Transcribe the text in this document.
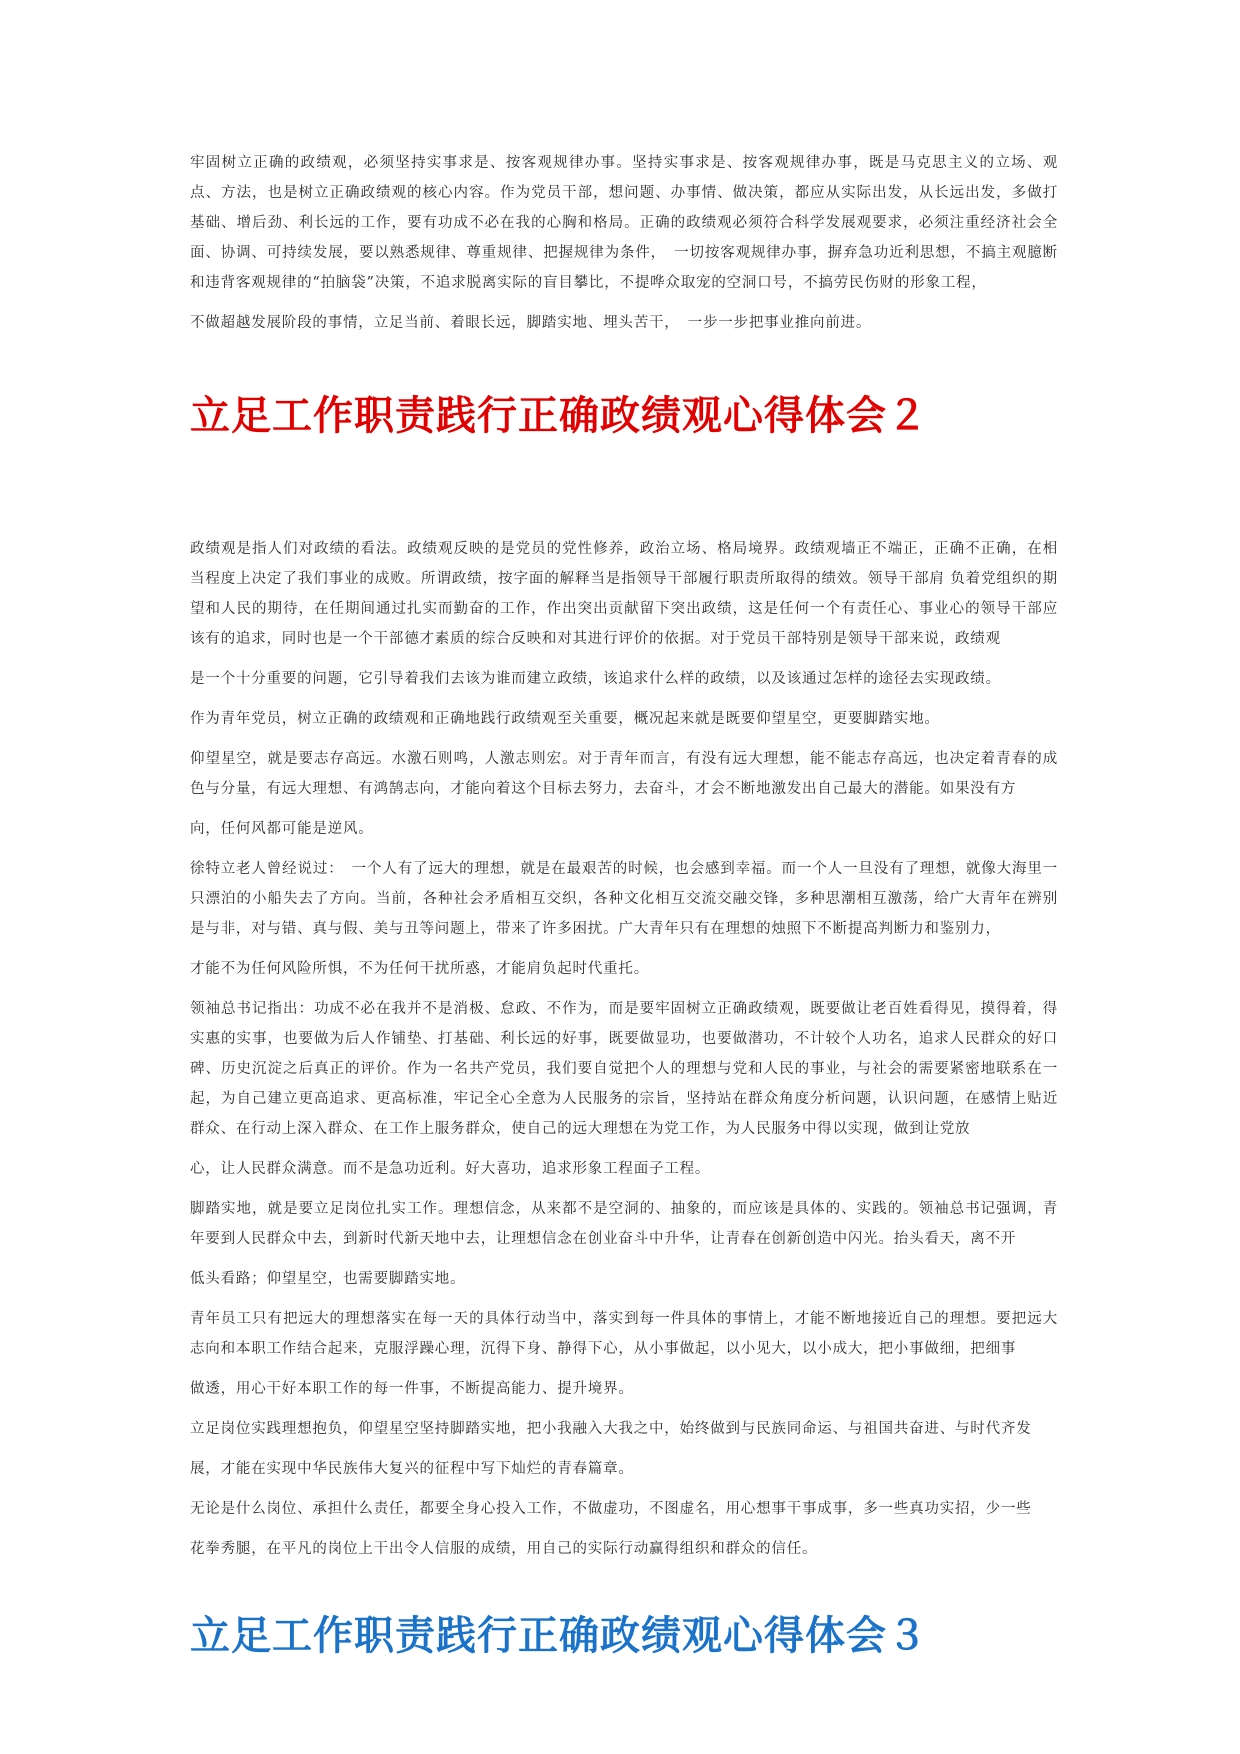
牢固树立正确的政绩观，必须坚持实事求是、按客观规律办事。坚持实事求是、按客观规律办事，既是马克思主义的立场、观点、方法，也是树立正确政绩观的核心内容。作为党员干部，想问题、办事情、做决策，都应从实际出发，从长远出发，多做打基础、增后劲、利长远的工作，要有功成不必在我的心胸和格局。正确的政绩观必须符合科学发展观要求，必须注重经济社会全面、协调、可持续发展，要以熟悉规律、尊重规律、把握规律为条件，　一切按客观规律办事，摒弃急功近利思想，不搞主观臆断和违背客观规律的“拍脑袋”决策，不追求脱离实际的盲目攀比，不提哗众取宠的空洞口号，不搞劳民伤财的形象工程，

不做超越发展阶段的事情，立足当前、着眼长远，脚踏实地、埋头苦干，　一步一步把事业推向前进。

立足工作职责践行正确政绩观心得体会２

政绩观是指人们对政绩的看法。政绩观反映的是党员的党性修养，政治立场、格局境界。政绩观墙正不端正，正确不正确，在相当程度上决定了我们事业的成败。所谓政绩，按字面的解释当是指领导干部履行职责所取得的绩效。领导干部肩 负着党组织的期望和人民的期待，在任期间通过扎实而勤奋的工作，作出突出贡献留下突出政绩，这是任何一个有责任心、事业心的领导干部应该有的追求，同时也是一个干部德才素质的综合反映和对其进行评价的依据。对于党员干部特别是领导干部来说，政绩观

是一个十分重要的问题，它引导着我们去该为谁而建立政绩，该追求什么样的政绩，以及该通过怎样的途径去实现政绩。

作为青年党员，树立正确的政绩观和正确地践行政绩观至关重要，概况起来就是既要仰望星空，更要脚踏实地。

仰望星空，就是要志存高远。水激石则鸣，人激志则宏。对于青年而言，有没有远大理想，能不能志存高远，也决定着青春的成色与分量，有远大理想、有鸿鹄志向，才能向着这个目标去努力，去奋斗，才会不断地激发出自己最大的潜能。如果没有方

向，任何风都可能是逆风。

徐特立老人曾经说过：　一个人有了远大的理想，就是在最艰苦的时候，也会感到幸福。而一个人一旦没有了理想，就像大海里一只漂泊的小船失去了方向。当前，各种社会矛盾相互交织，各种文化相互交流交融交锋，多种思潮相互激荡，给广大青年在辨别是与非，对与错、真与假、美与丑等问题上，带来了许多困扰。广大青年只有在理想的烛照下不断提高判断力和鉴别力，

才能不为任何风险所惧，不为任何干扰所惑，才能肩负起时代重托。

领袖总书记指出：功成不必在我并不是消极、怠政、不作为，而是要牢固树立正确政绩观，既要做让老百姓看得见，摸得着，得实惠的实事，也要做为后人作铺垫、打基础、利长远的好事，既要做显功，也要做潜功，不计较个人功名，追求人民群众的好口碑、历史沉淀之后真正的评价。作为一名共产党员，我们要自觉把个人的理想与党和人民的事业，与社会的需要紧密地联系在一起，为自己建立更高追求、更高标准，牢记全心全意为人民服务的宗旨，坚持站在群众角度分析问题，认识问题，在感情上贴近群众、在行动上深入群众、在工作上服务群众，使自己的远大理想在为党工作，为人民服务中得以实现，做到让党放

心，让人民群众满意。而不是急功近利。好大喜功，追求形象工程面子工程。

脚踏实地，就是要立足岗位扎实工作。理想信念，从来都不是空洞的、抽象的，而应该是具体的、实践的。领袖总书记强调，青年要到人民群众中去，到新时代新天地中去，让理想信念在创业奋斗中升华，让青春在创新创造中闪光。抬头看天，离不开

低头看路；仰望星空，也需要脚踏实地。

青年员工只有把远大的理想落实在每一天的具体行动当中，落实到每一件具体的事情上，才能不断地接近自己的理想。要把远大志向和本职工作结合起来，克服浮躁心理，沉得下身、静得下心，从小事做起，以小见大，以小成大，把小事做细，把细事

做透，用心干好本职工作的每一件事，不断提高能力、提升境界。

立足岗位实践理想抱负，仰望星空坚持脚踏实地，把小我融入大我之中，始终做到与民族同命运、与祖国共奋进、与时代齐发

展，才能在实现中华民族伟大复兴的征程中写下灿烂的青春篇章。

无论是什么岗位、承担什么责任，都要全身心投入工作，不做虚功，不图虚名，用心想事干事成事，多一些真功实招，少一些

花拳秀腿，在平凡的岗位上干出令人信服的成绩，用自己的实际行动赢得组织和群众的信任。

立足工作职责践行正确政绩观心得体会３
